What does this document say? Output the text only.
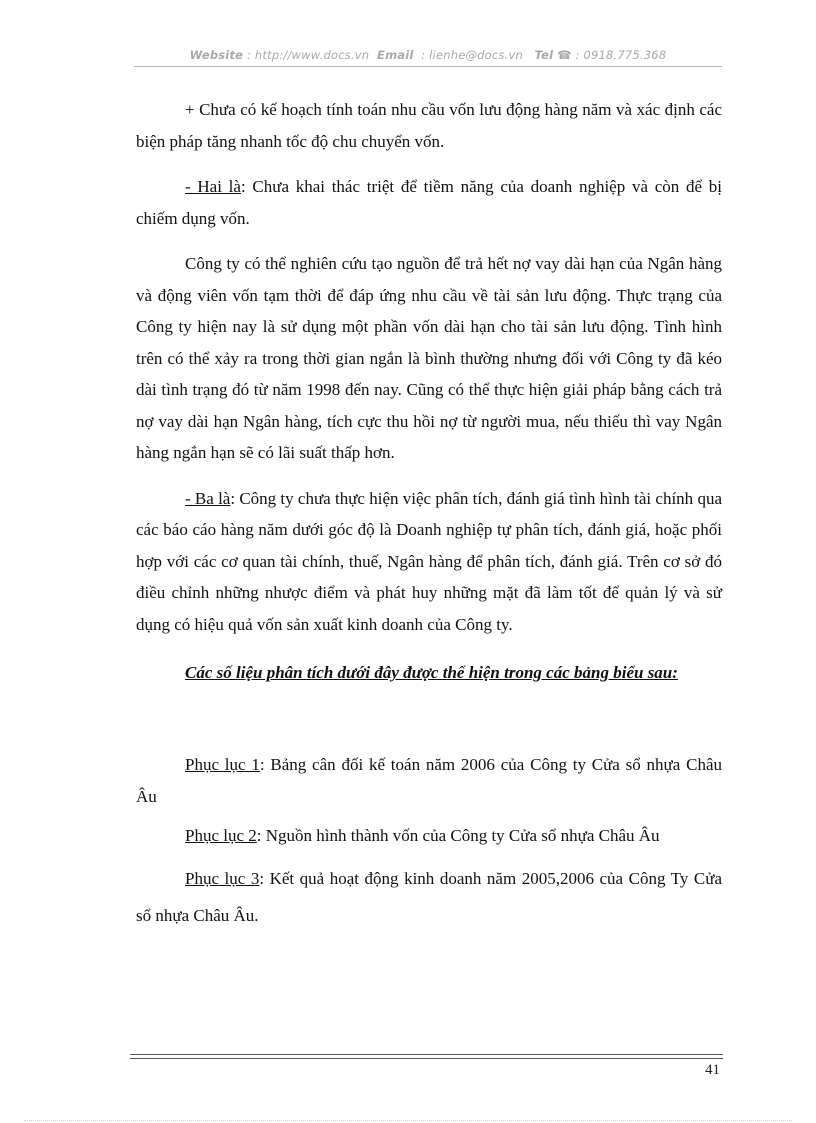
Website : http://www.docs.vn Email : lienhe@docs.vn Tel ☎ : 0918.775.368

+ Chưa có kế hoạch tính toán nhu cầu vốn lưu động hàng năm và xác định các biện pháp tăng nhanh tốc độ chu chuyển vốn.

- Hai là: Chưa khai thác triệt để tiềm năng của doanh nghiệp và còn để bị chiếm dụng vốn.

Công ty có thể nghiên cứu tạo nguồn để trả hết nợ vay dài hạn của Ngân hàng và động viên vốn tạm thời để đáp ứng nhu cầu về tài sản lưu động. Thực trạng của Công ty hiện nay là sử dụng một phần vốn dài hạn cho tài sản lưu động. Tình hình trên có thể xảy ra trong thời gian ngắn là bình thường nhưng đối với Công ty đã kéo dài tình trạng đó từ năm 1998 đến nay. Cũng có thể thực hiện giải pháp bằng cách trả nợ vay dài hạn Ngân hàng, tích cực thu hồi nợ từ người mua, nếu thiếu thì vay Ngân hàng ngắn hạn sẽ có lãi suất thấp hơn.

- Ba là: Công ty chưa thực hiện việc phân tích, đánh giá tình hình tài chính qua các báo cáo hàng năm dưới góc độ là Doanh nghiệp tự phân tích, đánh giá, hoặc phối hợp với các cơ quan tài chính, thuế, Ngân hàng để phân tích, đánh giá. Trên cơ sở đó điều chỉnh những nhược điểm và phát huy những mặt đã làm tốt để quản lý và sử dụng có hiệu quả vốn sản xuất kinh doanh của Công ty.

Các số liệu phân tích dưới đây được thể hiện trong các bảng biểu sau:

Phục lục 1: Bảng cân đối kế toán năm 2006 của Công ty Cửa sổ nhựa Châu Âu

Phục lục 2: Nguồn hình thành vốn của Công ty Cửa sổ nhựa Châu Âu

Phục lục 3: Kết quả hoạt động kinh doanh năm 2005,2006 của Công Ty Cửa sổ nhựa Châu Âu.

41
